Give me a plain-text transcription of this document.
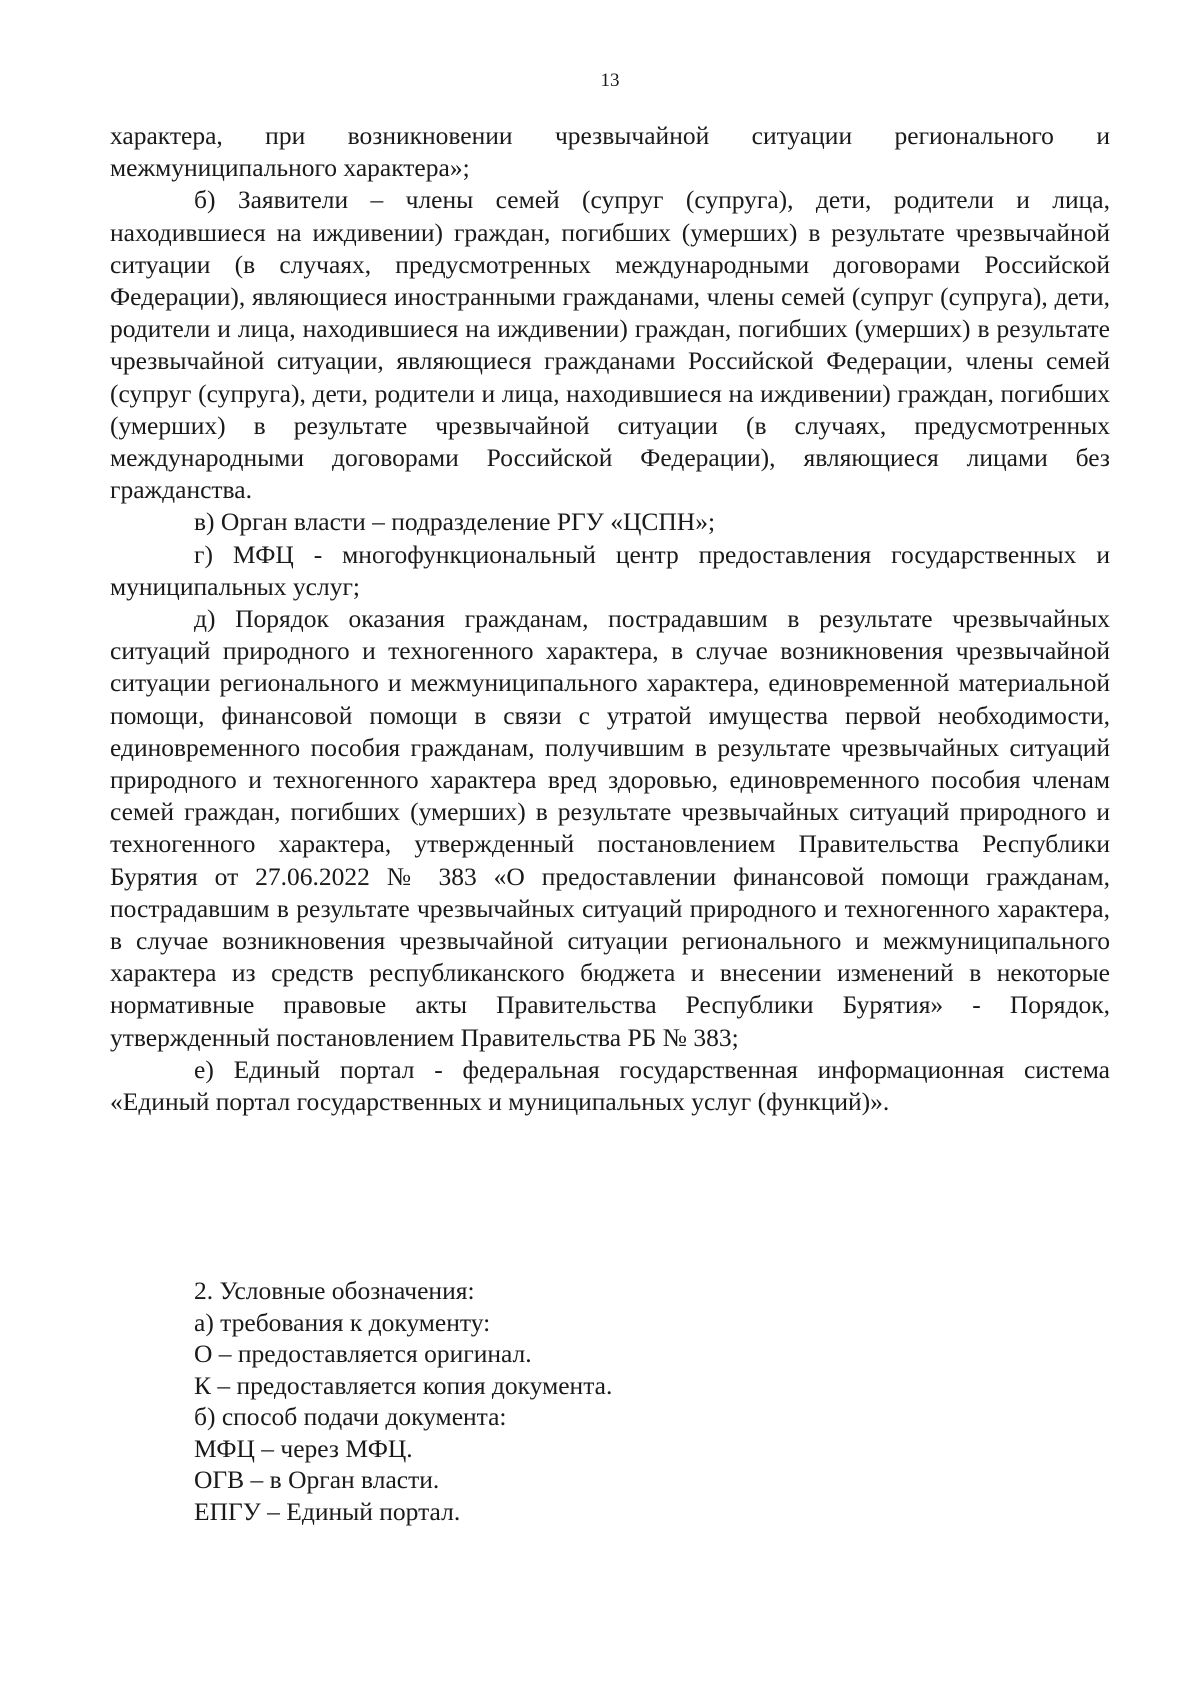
13

характера, при возникновении чрезвычайной ситуации регионального и межмуниципального характера»;

б) Заявители – члены семей (супруг (супруга), дети, родители и лица, находившиеся на иждивении) граждан, погибших (умерших) в результате чрезвычайной ситуации (в случаях, предусмотренных международными договорами Российской Федерации), являющиеся иностранными гражданами, члены семей (супруг (супруга), дети, родители и лица, находившиеся на иждивении) граждан, погибших (умерших) в результате чрезвычайной ситуации, являющиеся гражданами Российской Федерации, члены семей (супруг (супруга), дети, родители и лица, находившиеся на иждивении) граждан, погибших (умерших) в результате чрезвычайной ситуации (в случаях, предусмотренных международными договорами Российской Федерации), являющиеся лицами без гражданства.

в) Орган власти – подразделение РГУ «ЦСПН»;

г) МФЦ - многофункциональный центр предоставления государственных и муниципальных услуг;

д) Порядок оказания гражданам, пострадавшим в результате чрезвычайных ситуаций природного и техногенного характера, в случае возникновения чрезвычайной ситуации регионального и межмуниципального характера, единовременной материальной помощи, финансовой помощи в связи с утратой имущества первой необходимости, единовременного пособия гражданам, получившим в результате чрезвычайных ситуаций природного и техногенного характера вред здоровью, единовременного пособия членам семей граждан, погибших (умерших) в результате чрезвычайных ситуаций природного и техногенного характера, утвержденный постановлением Правительства Республики Бурятия от 27.06.2022 № 383 «О предоставлении финансовой помощи гражданам, пострадавшим в результате чрезвычайных ситуаций природного и техногенного характера, в случае возникновения чрезвычайной ситуации регионального и межмуниципального характера из средств республиканского бюджета и внесении изменений в некоторые нормативные правовые акты Правительства Республики Бурятия» - Порядок, утвержденный постановлением Правительства РБ № 383;

е) Единый портал - федеральная государственная информационная система «Единый портал государственных и муниципальных услуг (функций)».

2. Условные обозначения:

а) требования к документу:

О – предоставляется оригинал.

К – предоставляется копия документа.

б) способ подачи документа:

МФЦ – через МФЦ.

ОГВ – в Орган власти.

ЕПГУ – Единый портал.
